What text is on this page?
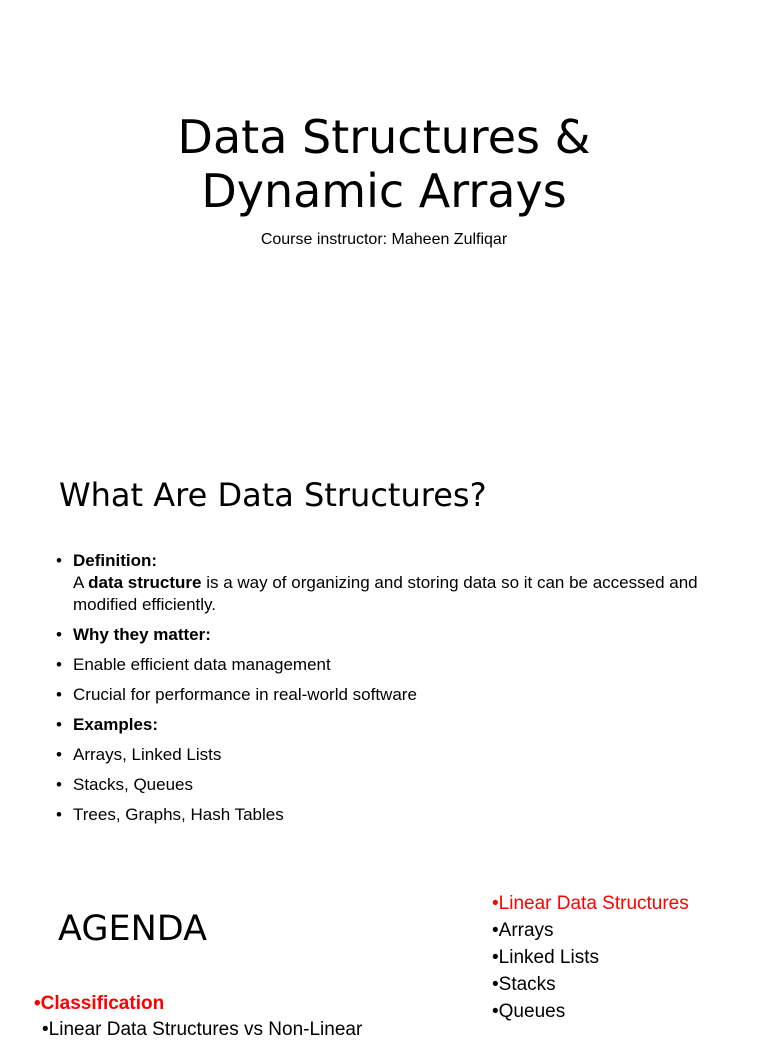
Data Structures &
Dynamic Arrays

Course instructor: Maheen Zulfiqar

What Are Data Structures?
• Definition:
A data structure is a way of organizing and storing data so it can be accessed and modified efficiently.
• Why they matter:
• Enable efficient data management
• Crucial for performance in real-world software
• Examples:
• Arrays, Linked Lists
• Stacks, Queues
• Trees, Graphs, Hash Tables
•Linear Data Structures
•Arrays
•Linked Lists
•Stacks
•Queues
AGENDA
•Classification
•Linear Data Structures vs Non-Linear
